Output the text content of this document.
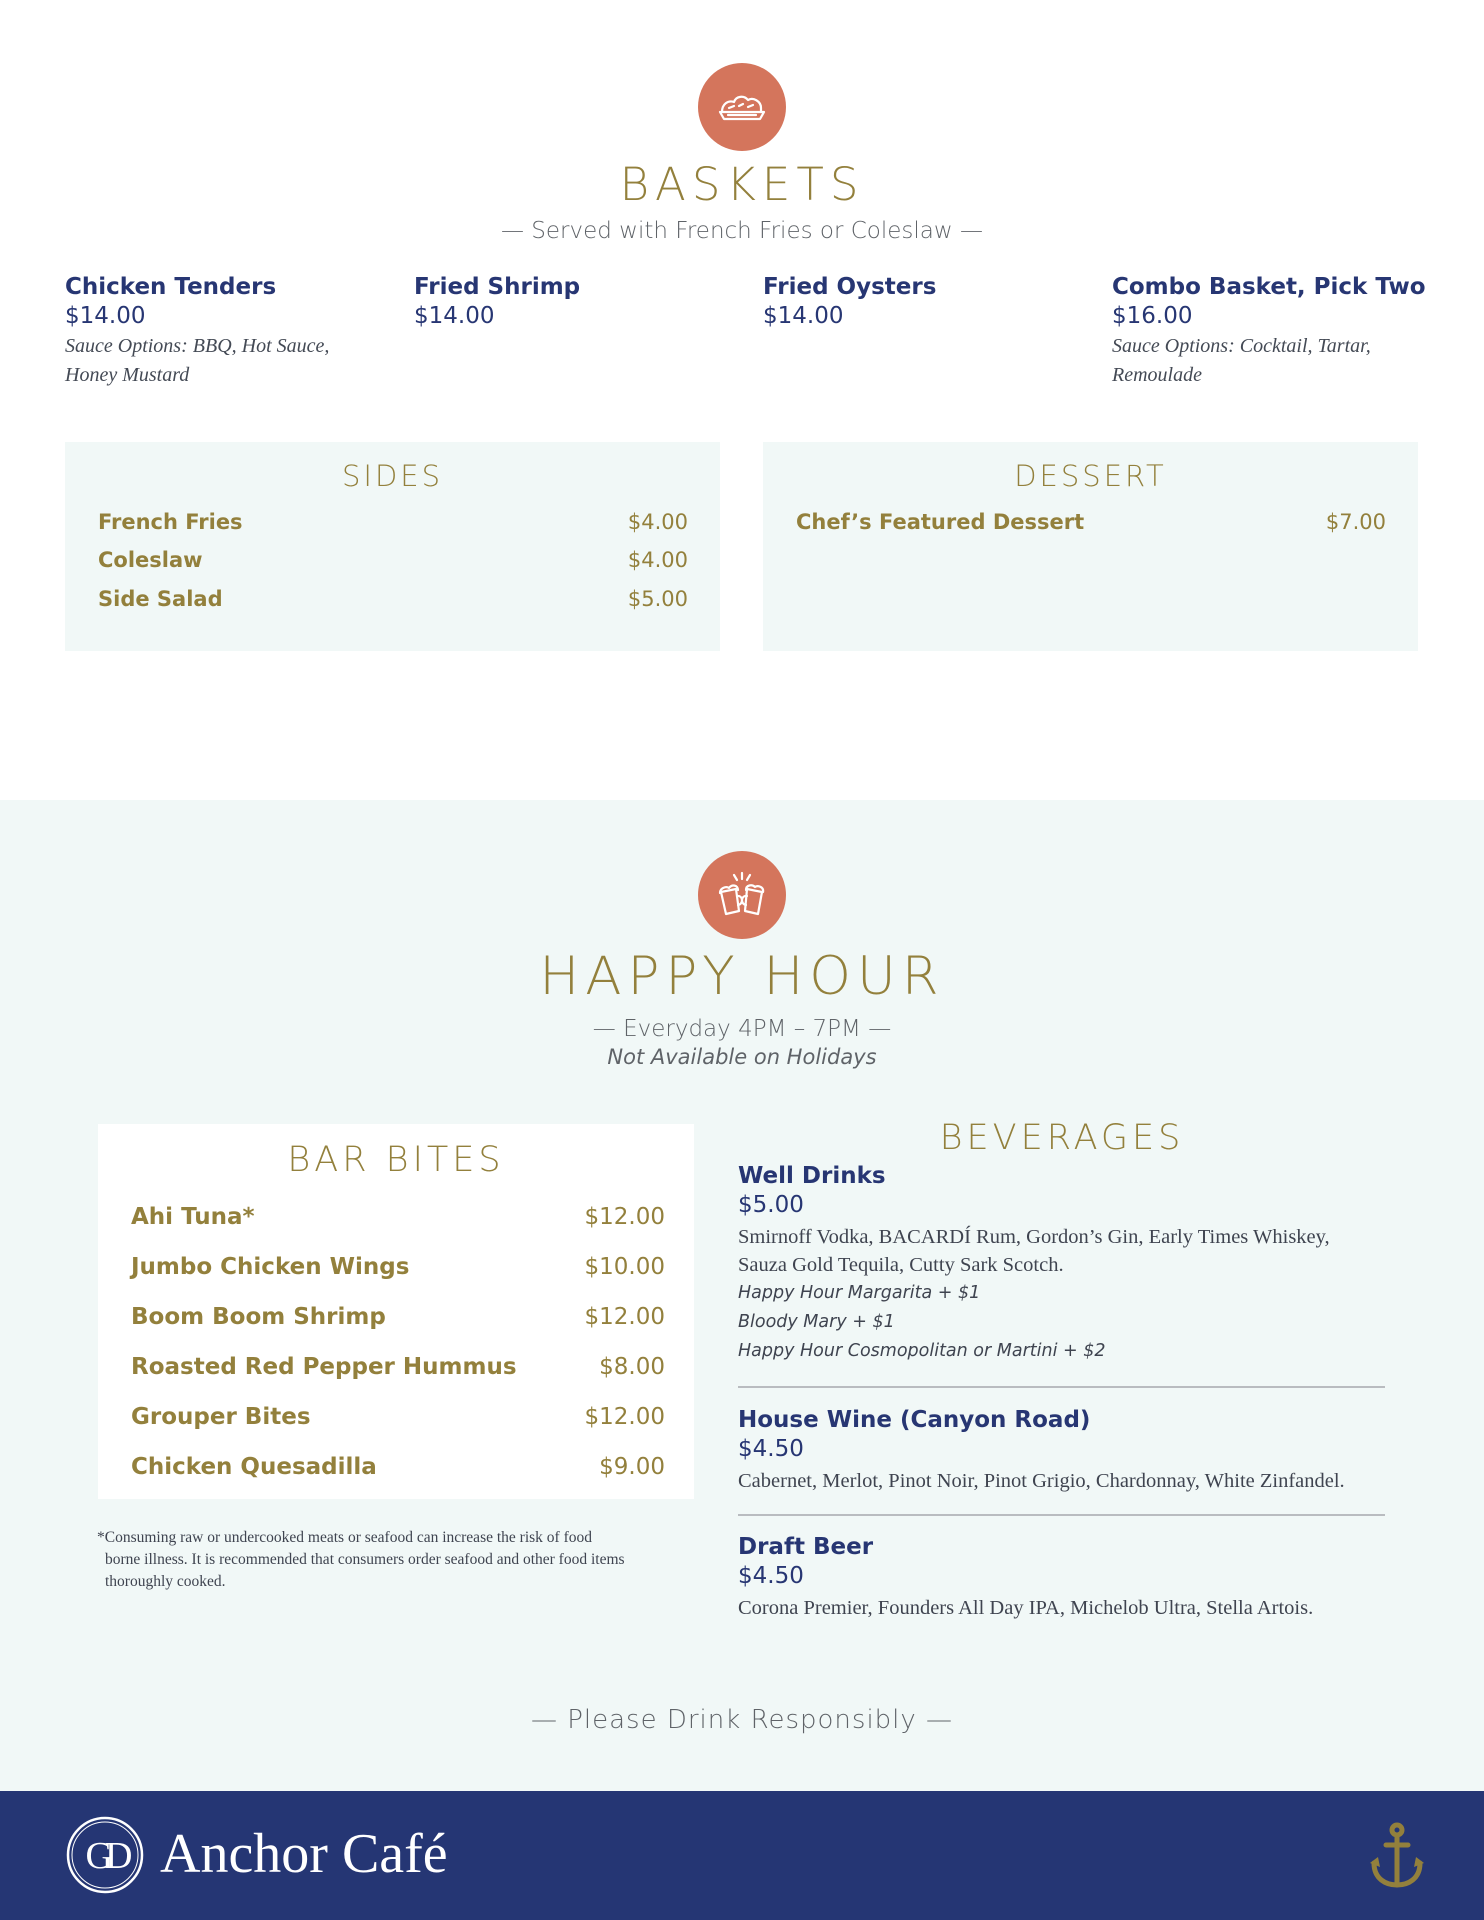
BASKETS
— Served with French Fries or Coleslaw —
Chicken Tenders
$14.00
Sauce Options: BBQ, Hot Sauce, Honey Mustard
Fried Shrimp
$14.00
Fried Oysters
$14.00
Combo Basket, Pick Two
$16.00
Sauce Options: Cocktail, Tartar, Remoulade
SIDES
French Fries	$4.00
Coleslaw	$4.00
Side Salad	$5.00
DESSERT
Chef’s Featured Dessert	$7.00
HAPPY HOUR
— Everyday 4PM – 7PM —
Not Available on Holidays
BAR BITES
Ahi Tuna*	$12.00
Jumbo Chicken Wings	$10.00
Boom Boom Shrimp	$12.00
Roasted Red Pepper Hummus	$8.00
Grouper Bites	$12.00
Chicken Quesadilla	$9.00
*Consuming raw or undercooked meats or seafood can increase the risk of food
borne illness. It is recommended that consumers order seafood and other food items
thoroughly cooked.
BEVERAGES
Well Drinks
$5.00
Smirnoff Vodka, BACARDÍ Rum, Gordon’s Gin, Early Times Whiskey,
Sauza Gold Tequila, Cutty Sark Scotch.
Happy Hour Margarita + $1
Bloody Mary + $1
Happy Hour Cosmopolitan or Martini + $2
House Wine (Canyon Road)
$4.50
Cabernet, Merlot, Pinot Noir, Pinot Grigio, Chardonnay, White Zinfandel.
Draft Beer
$4.50
Corona Premier, Founders All Day IPA, Michelob Ultra, Stella Artois.
— Please Drink Responsibly —
GD Anchor Café
